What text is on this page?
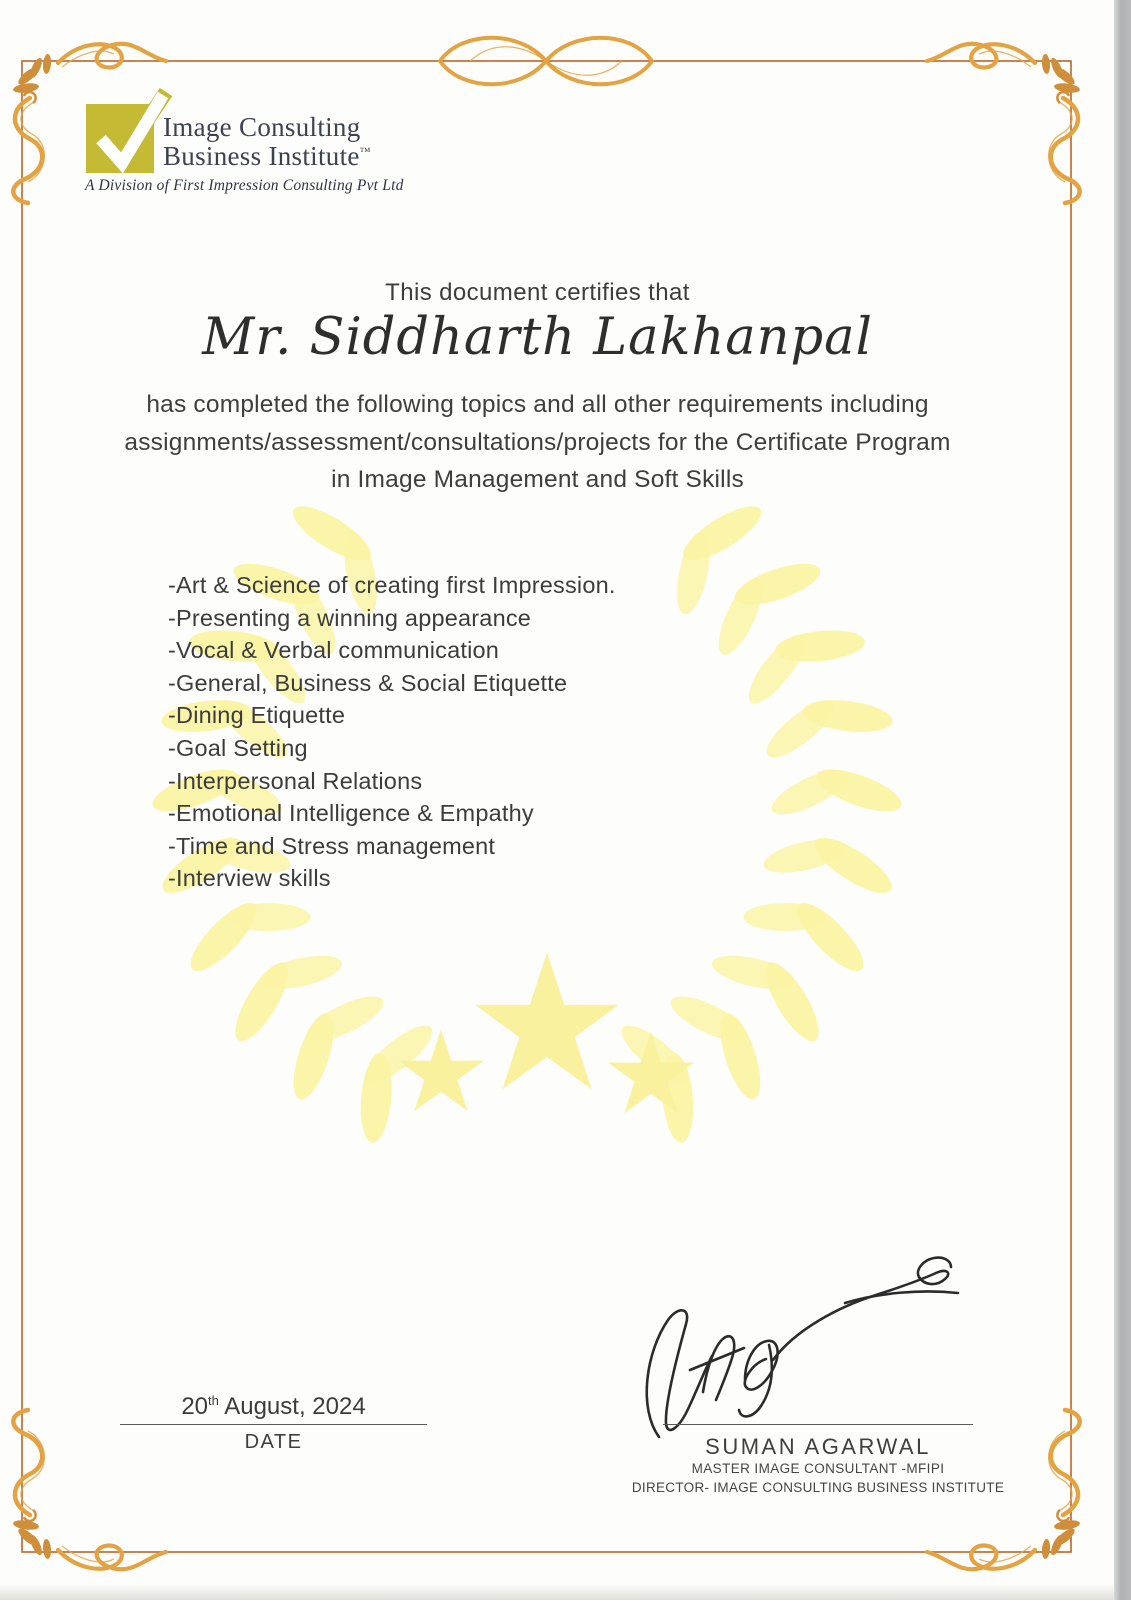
★
★
★
Image Consulting
Business Institute™
A Division of First Impression Consulting Pvt Ltd
This document certifies that
Mr. Siddharth Lakhanpal
has completed the following topics and all other requirements including
assignments/assessment/consultations/projects for the Certificate Program
in Image Management and Soft Skills
-Art & Science of creating first Impression.
-Presenting a winning appearance
-Vocal & Verbal communication
-General, Business & Social Etiquette
-Dining Etiquette
-Goal Setting
-Interpersonal Relations
-Emotional Intelligence & Empathy
-Time and Stress management
-Interview skills
20th August, 2024
DATE	SUMAN AGARWAL
MASTER IMAGE CONSULTANT -MFIPI
DIRECTOR- IMAGE CONSULTING BUSINESS INSTITUTE
